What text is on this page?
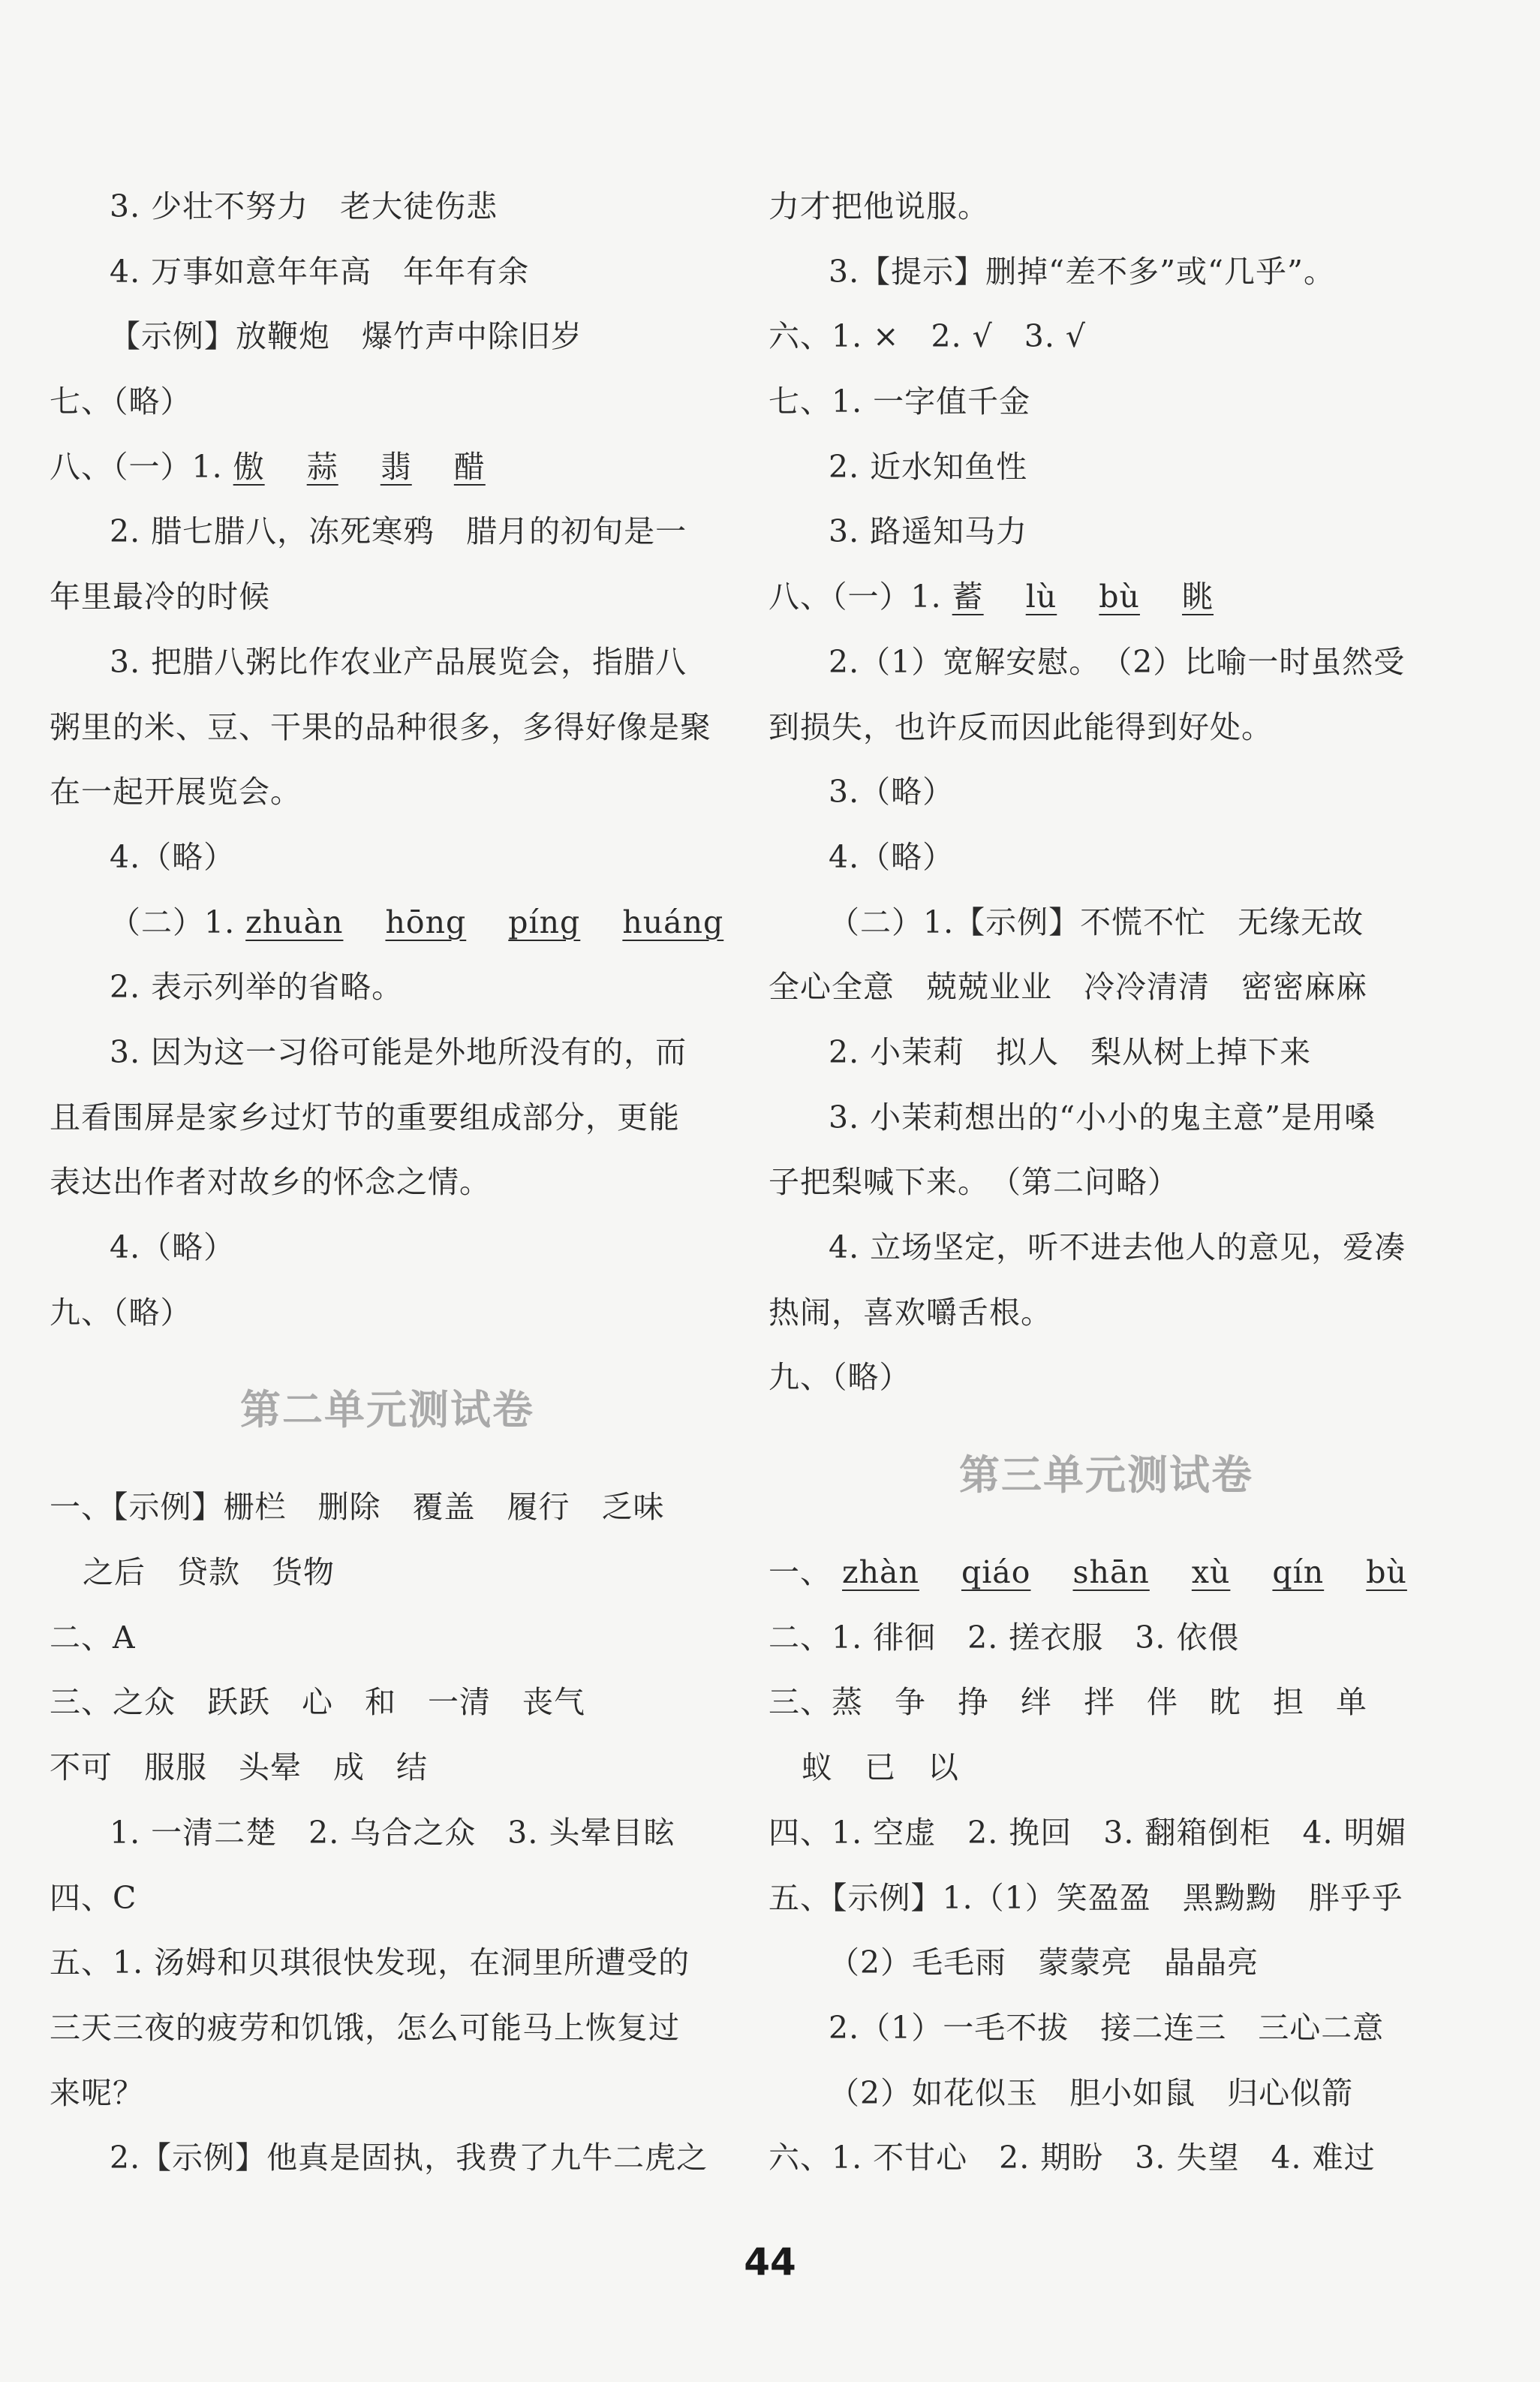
3. 少壮不努力　老大徒伤悲
4. 万事如意年年高　年年有余
【示例】放鞭炮　爆竹声中除旧岁
七、（略）
八、（一）1. 傲　 蒜　 翡　 醋
2. 腊七腊八，冻死寒鸦　腊月的初旬是一
年里最冷的时候
3. 把腊八粥比作农业产品展览会，指腊八
粥里的米、豆、干果的品种很多，多得好像是聚
在一起开展览会。
4.（略）
（二）1. zhuàn　 hōng　 píng　 huáng
2. 表示列举的省略。
3. 因为这一习俗可能是外地所没有的，而
且看围屏是家乡过灯节的重要组成部分，更能
表达出作者对故乡的怀念之情。
4.（略）
九、（略）
第二单元测试卷
一、【示例】栅栏　删除　覆盖　履行　乏味
之后　贷款　货物
二、A
三、之众　跃跃　心　和　一清　丧气
不可　服服　头晕　成　结
1. 一清二楚　2. 乌合之众　3. 头晕目眩
四、C
五、1. 汤姆和贝琪很快发现，在洞里所遭受的
三天三夜的疲劳和饥饿，怎么可能马上恢复过
来呢？
2.【示例】他真是固执，我费了九牛二虎之
力才把他说服。
3.【提示】删掉“差不多”或“几乎”。
六、1. ×　2. √　3. √
七、1. 一字值千金
2. 近水知鱼性
3. 路遥知马力
八、（一）1. 蓄　 lù　 bù　 眺
2.（1）宽解安慰。　（2）比喻一时虽然受
到损失，也许反而因此能得到好处。
3.（略）
4.（略）
（二）1.【示例】不慌不忙　无缘无故
全心全意　兢兢业业　冷冷清清　密密麻麻
2. 小茉莉　拟人　梨从树上掉下来
3. 小茉莉想出的“小小的鬼主意”是用嗓
子把梨喊下来。　（第二问略）
4. 立场坚定，听不进去他人的意见，爱凑
热闹，喜欢嚼舌根。
九、（略）
第三单元测试卷
一、 zhàn　 qiáo　 shān　 xù　 qín　 bù
二、1. 徘徊　2. 搓衣服　3. 依偎
三、蒸　争　挣　绊　拌　伴　眈　担　单
蚁　已　以
四、1. 空虚　2. 挽回　3. 翻箱倒柜　4. 明媚
五、【示例】1.（1）笑盈盈　黑黝黝　胖乎乎
（2）毛毛雨　蒙蒙亮　晶晶亮
2.（1）一毛不拔　接二连三　三心二意
（2）如花似玉　胆小如鼠　归心似箭
六、1. 不甘心　2. 期盼　3. 失望　4. 难过
44
